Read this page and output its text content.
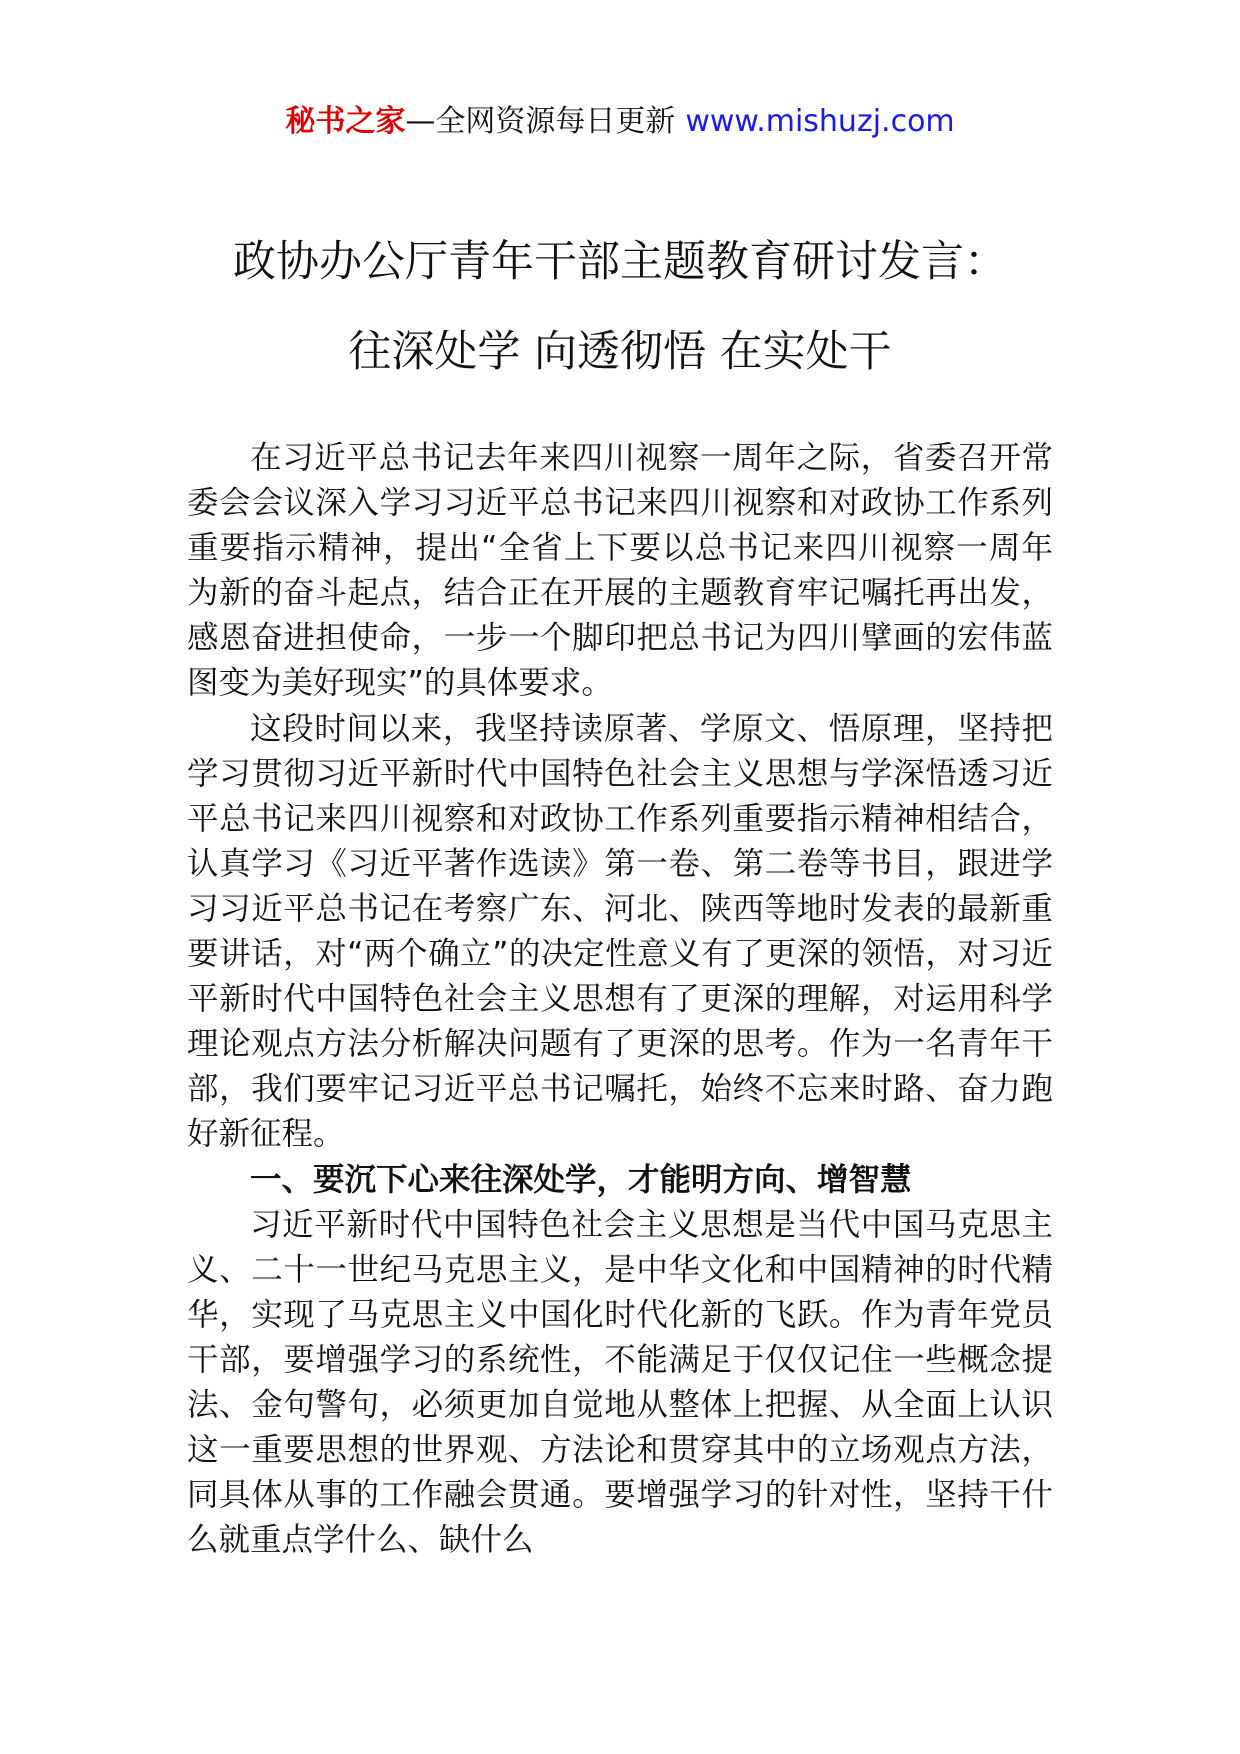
秘书之家—全网资源每日更新 www.mishuzj.com
政协办公厅青年干部主题教育研讨发言：
往深处学 向透彻悟 在实处干

在习近平总书记去年来四川视察一周年之际，省委召开常委会会议深入学习习近平总书记来四川视察和对政协工作系列重要指示精神，提出“全省上下要以总书记来四川视察一周年为新的奋斗起点，结合正在开展的主题教育牢记嘱托再出发，感恩奋进担使命，一步一个脚印把总书记为四川擘画的宏伟蓝图变为美好现实”的具体要求。

这段时间以来，我坚持读原著、学原文、悟原理，坚持把学习贯彻习近平新时代中国特色社会主义思想与学深悟透习近平总书记来四川视察和对政协工作系列重要指示精神相结合，认真学习《习近平著作选读》第一卷、第二卷等书目，跟进学习习近平总书记在考察广东、河北、陕西等地时发表的最新重要讲话，对“两个确立”的决定性意义有了更深的领悟，对习近平新时代中国特色社会主义思想有了更深的理解，对运用科学理论观点方法分析解决问题有了更深的思考。作为一名青年干部，我们要牢记习近平总书记嘱托，始终不忘来时路、奋力跑好新征程。

一、要沉下心来往深处学，才能明方向、增智慧

习近平新时代中国特色社会主义思想是当代中国马克思主义、二十一世纪马克思主义，是中华文化和中国精神的时代精华，实现了马克思主义中国化时代化新的飞跃。作为青年党员干部，要增强学习的系统性，不能满足于仅仅记住一些概念提法、金句警句，必须更加自觉地从整体上把握、从全面上认识这一重要思想的世界观、方法论和贯穿其中的立场观点方法，同具体从事的工作融会贯通。要增强学习的针对性，坚持干什么就重点学什么、缺什么
